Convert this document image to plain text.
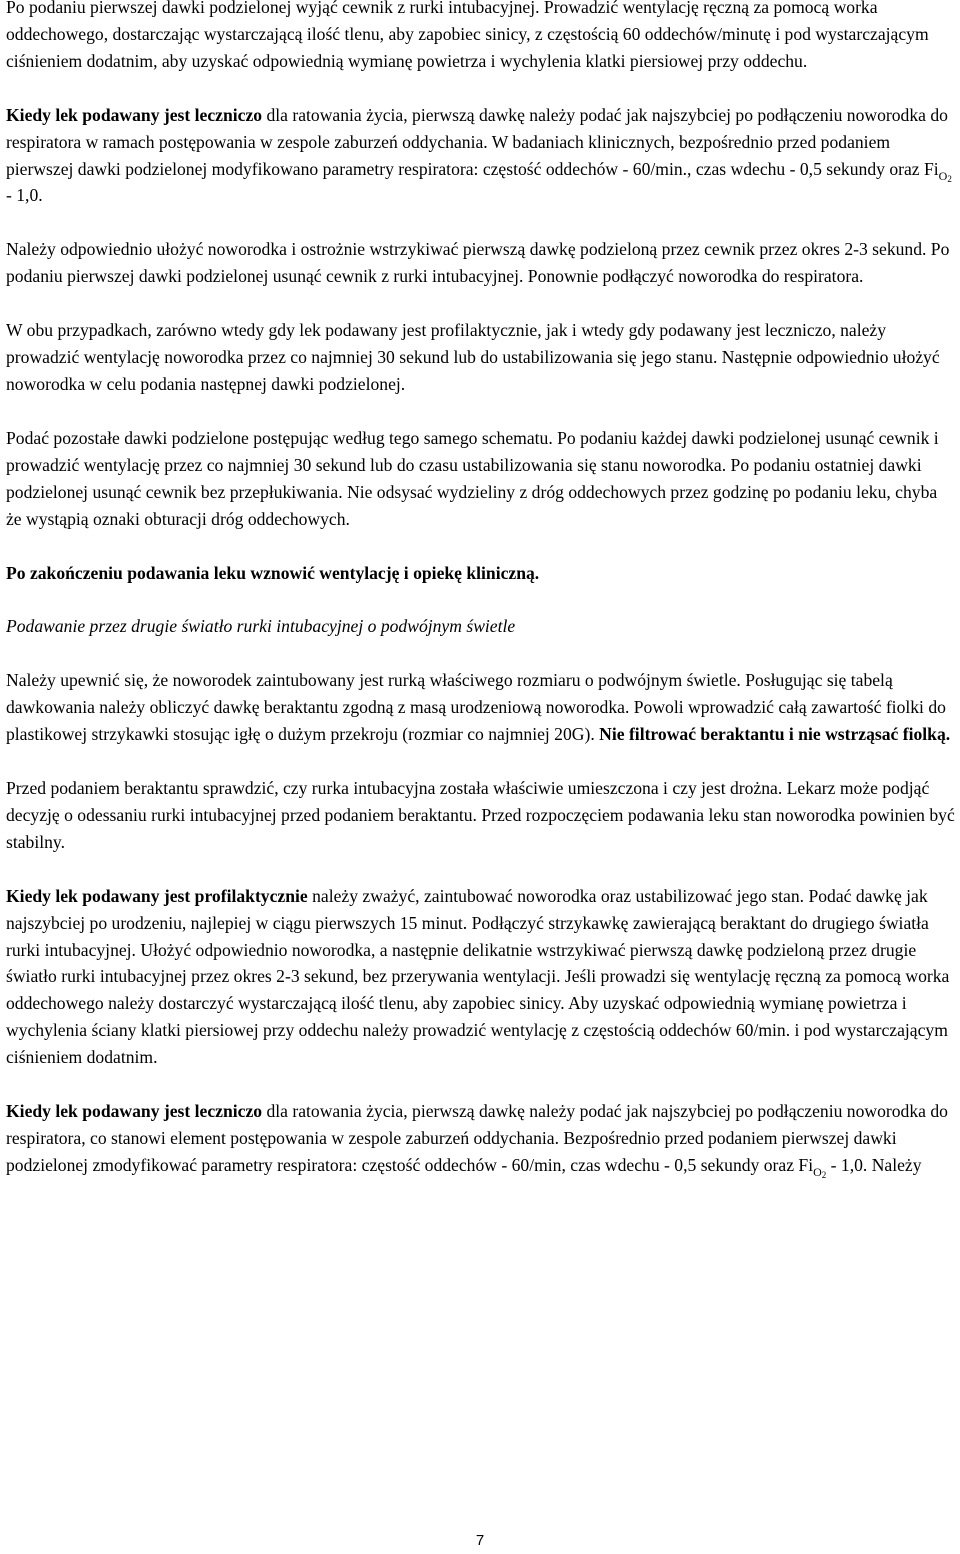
Po podaniu pierwszej dawki podzielonej wyjąć cewnik z rurki intubacyjnej. Prowadzić wentylację ręczną za pomocą worka oddechowego, dostarczając wystarczającą ilość tlenu, aby zapobiec sinicy, z częstością 60 oddechów/minutę i pod wystarczającym ciśnieniem dodatnim, aby uzyskać odpowiednią wymianę powietrza i wychylenia klatki piersiowej przy oddechu.

Kiedy lek podawany jest leczniczo dla ratowania życia, pierwszą dawkę należy podać jak najszybciej po podłączeniu noworodka do respiratora w ramach postępowania w zespole zaburzeń oddychania. W badaniach klinicznych, bezpośrednio przed podaniem pierwszej dawki podzielonej modyfikowano parametry respiratora: częstość oddechów - 60/min., czas wdechu - 0,5 sekundy oraz $Fi_{O2} - 1,0$.

Należy odpowiednio ułożyć noworodka i ostrożnie wstrzykiwać pierwszą dawkę podzieloną przez cewnik przez okres 2-3 sekund. Po podaniu pierwszej dawki podzielonej usunąć cewnik z rurki intubacyjnej. Ponownie podłączyć noworodka do respiratora.

W obu przypadkach, zarówno wtedy gdy lek podawany jest profilaktycznie, jak i wtedy gdy podawany jest leczniczo, należy prowadzić wentylację noworodka przez co najmniej 30 sekund lub do ustabilizowania się jego stanu. Następnie odpowiednio ułożyć noworodka w celu podania następnej dawki podzielonej.

Podać pozostałe dawki podzielone postępując według tego samego schematu. Po podaniu każdej dawki podzielonej usunąć cewnik i prowadzić wentylację przez co najmniej 30 sekund lub do czasu ustabilizowania się stanu noworodka. Po podaniu ostatniej dawki podzielonej usunąć cewnik bez przepłukiwania. Nie odsysać wydzieliny z dróg oddechowych przez godzinę po podaniu leku, chyba że wystąpią oznaki obturacji dróg oddechowych.

Po zakończeniu podawania leku wznowić wentylację i opiekę kliniczną.

Podawanie przez drugie światło rurki intubacyjnej o podwójnym świetle

Należy upewnić się, że noworodek zaintubowany jest rurką właściwego rozmiaru o podwójnym świetle. Posługując się tabelą dawkowania należy obliczyć dawkę beraktantu zgodną z masą urodzeniową noworodka. Powoli wprowadzić całą zawartość fiolki do plastikowej strzykawki stosując igłę o dużym przekroju (rozmiar co najmniej 20G). Nie filtrować beraktantu i nie wstrząsać fiolką.

Przed podaniem beraktantu sprawdzić, czy rurka intubacyjna została właściwie umieszczona i czy jest drożna. Lekarz może podjąć decyzję o odessaniu rurki intubacyjnej przed podaniem beraktantu. Przed rozpoczęciem podawania leku stan noworodka powinien być stabilny.

Kiedy lek podawany jest profilaktycznie należy zważyć, zaintubować noworodka oraz ustabilizować jego stan. Podać dawkę jak najszybciej po urodzeniu, najlepiej w ciągu pierwszych 15 minut. Podłączyć strzykawkę zawierającą beraktant do drugiego światła rurki intubacyjnej. Ułożyć odpowiednio noworodka, a następnie delikatnie wstrzykiwać pierwszą dawkę podzieloną przez drugie światło rurki intubacyjnej przez okres 2-3 sekund, bez przerywania wentylacji. Jeśli prowadzi się wentylację ręczną za pomocą worka oddechowego należy dostarczyć wystarczającą ilość tlenu, aby zapobiec sinicy. Aby uzyskać odpowiednią wymianę powietrza i wychylenia ściany klatki piersiowej przy oddechu należy prowadzić wentylację z częstością oddechów 60/min. i pod wystarczającym ciśnieniem dodatnim.

Kiedy lek podawany jest leczniczo dla ratowania życia, pierwszą dawkę należy podać jak najszybciej po podłączeniu noworodka do respiratora, co stanowi element postępowania w zespole zaburzeń oddychania. Bezpośrednio przed podaniem pierwszej dawki podzielonej zmodyfikować parametry respiratora: częstość oddechów - 60/min, czas wdechu - 0,5 sekundy oraz $Fi_{O2} - 1,0$. Należy

7
